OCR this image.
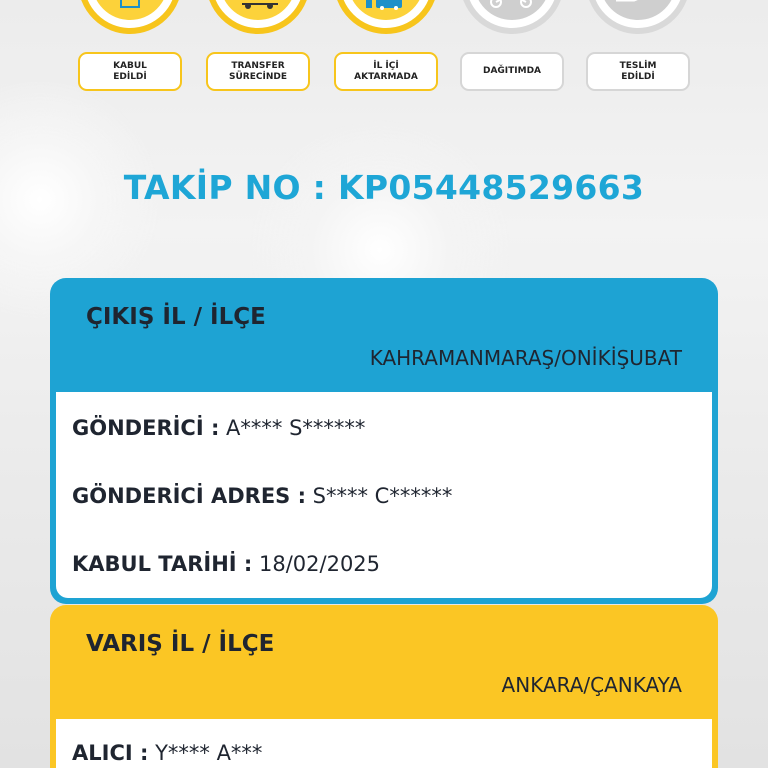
KABUL
EDİLDİ
TRANSFER
SÜRECİNDE
İL İÇİ
AKTARMADA
DAĞITIMDA
TESLİM
EDİLDİ
TAKİP NO : KP05448529663
ÇIKIŞ İL / İLÇE
KAHRAMANMARAŞ/ONİKİŞUBAT
GÖNDERİCİ : A**** S******
GÖNDERİCİ ADRES : S**** C******
KABUL TARİHİ : 18/02/2025
VARIŞ İL / İLÇE
ANKARA/ÇANKAYA
ALICI : Y**** A***
